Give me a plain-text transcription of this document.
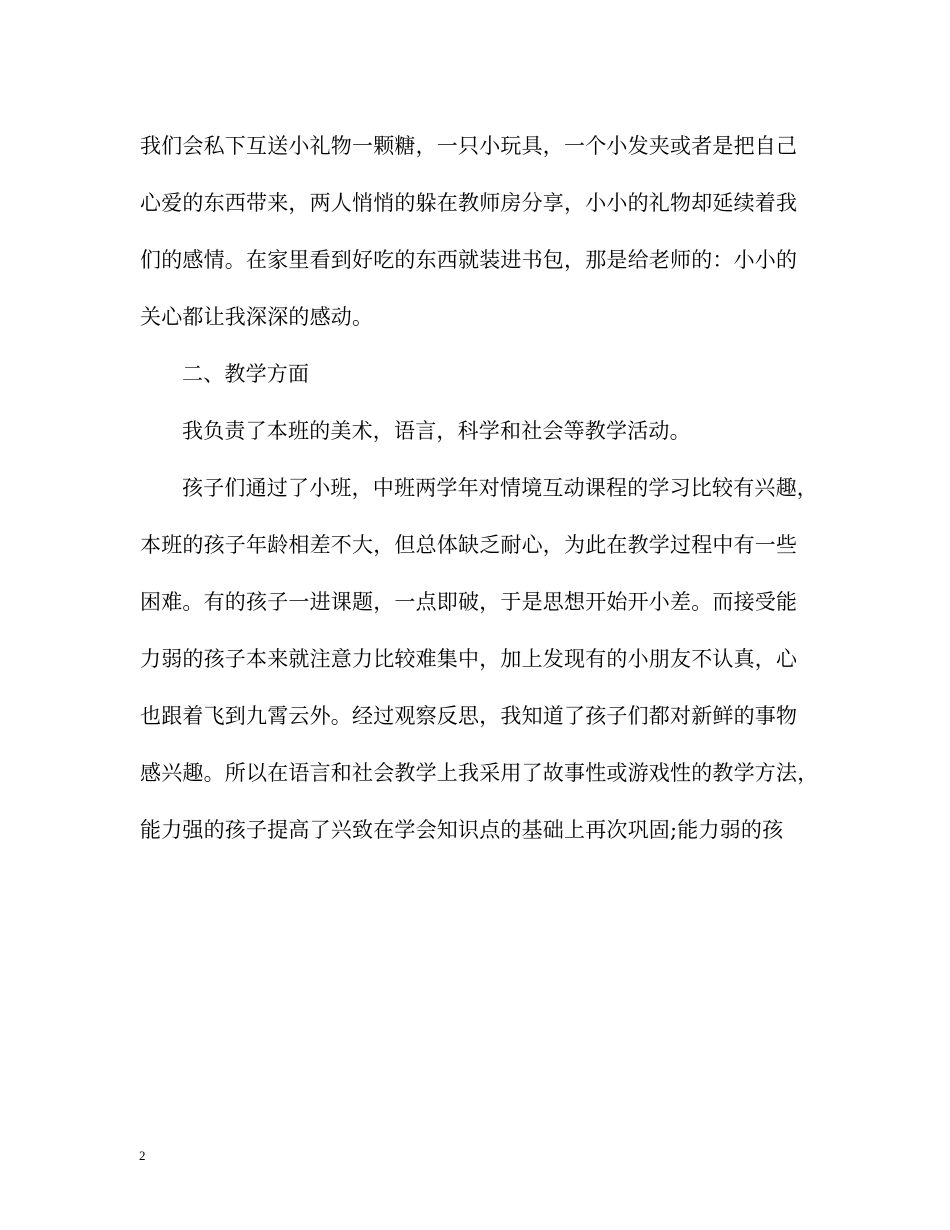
我们会私下互送小礼物一颗糖，一只小玩具，一个小发夹或者是把自己
心爱的东西带来，两人悄悄的躲在教师房分享，小小的礼物却延续着我
们的感情。在家里看到好吃的东西就装进书包，那是给老师的：小小的
关心都让我深深的感动。
二、教学方面
我负责了本班的美术，语言，科学和社会等教学活动。
孩子们通过了小班，中班两学年对情境互动课程的学习比较有兴趣，
本班的孩子年龄相差不大，但总体缺乏耐心，为此在教学过程中有一些
困难。有的孩子一进课题，一点即破，于是思想开始开小差。而接受能
力弱的孩子本来就注意力比较难集中，加上发现有的小朋友不认真，心
也跟着飞到九霄云外。经过观察反思，我知道了孩子们都对新鲜的事物
感兴趣。所以在语言和社会教学上我采用了故事性或游戏性的教学方法，
能力强的孩子提高了兴致在学会知识点的基础上再次巩固;能力弱的孩
2
